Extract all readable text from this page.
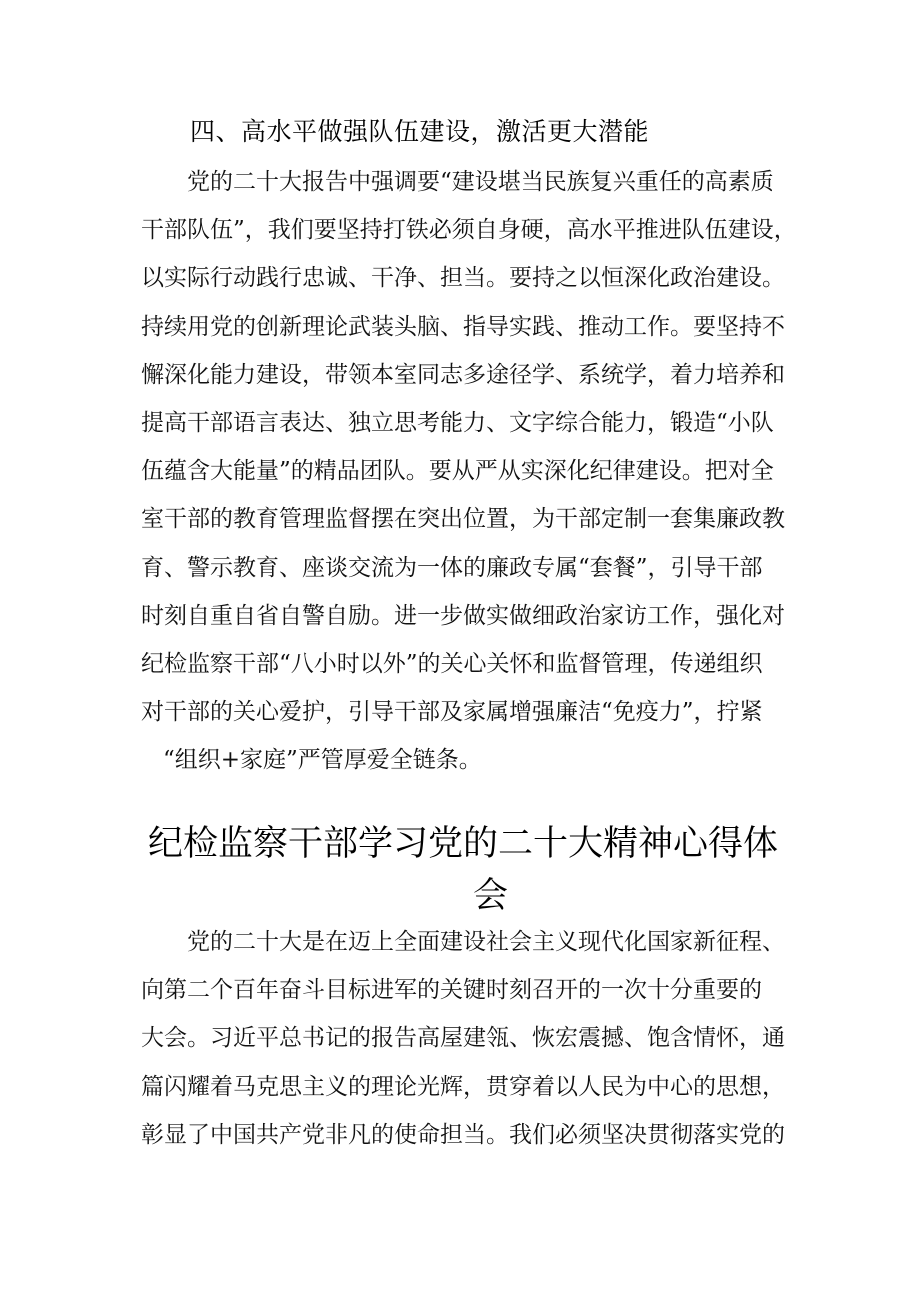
四、高水平做强队伍建设，激活更大潜能
党的二十大报告中强调要“建设堪当民族复兴重任的高素质
干部队伍”，我们要坚持打铁必须自身硬，高水平推进队伍建设，
以实际行动践行忠诚、干净、担当。要持之以恒深化政治建设。
持续用党的创新理论武装头脑、指导实践、推动工作。要坚持不
懈深化能力建设，带领本室同志多途径学、系统学，着力培养和
提高干部语言表达、独立思考能力、文字综合能力，锻造“小队
伍蕴含大能量”的精品团队。要从严从实深化纪律建设。把对全
室干部的教育管理监督摆在突出位置，为干部定制一套集廉政教
育、警示教育、座谈交流为一体的廉政专属“套餐”，引导干部
时刻自重自省自警自励。进一步做实做细政治家访工作，强化对
纪检监察干部“八小时以外”的关心关怀和监督管理，传递组织
对干部的关心爱护，引导干部及家属增强廉洁“免疫力”，拧紧
“组织+家庭”严管厚爱全链条。
纪检监察干部学习党的二十大精神心得体
会
党的二十大是在迈上全面建设社会主义现代化国家新征程、
向第二个百年奋斗目标进军的关键时刻召开的一次十分重要的
大会。习近平总书记的报告高屋建瓴、恢宏震撼、饱含情怀，通
篇闪耀着马克思主义的理论光辉，贯穿着以人民为中心的思想，
彰显了中国共产党非凡的使命担当。我们必须坚决贯彻落实党的
